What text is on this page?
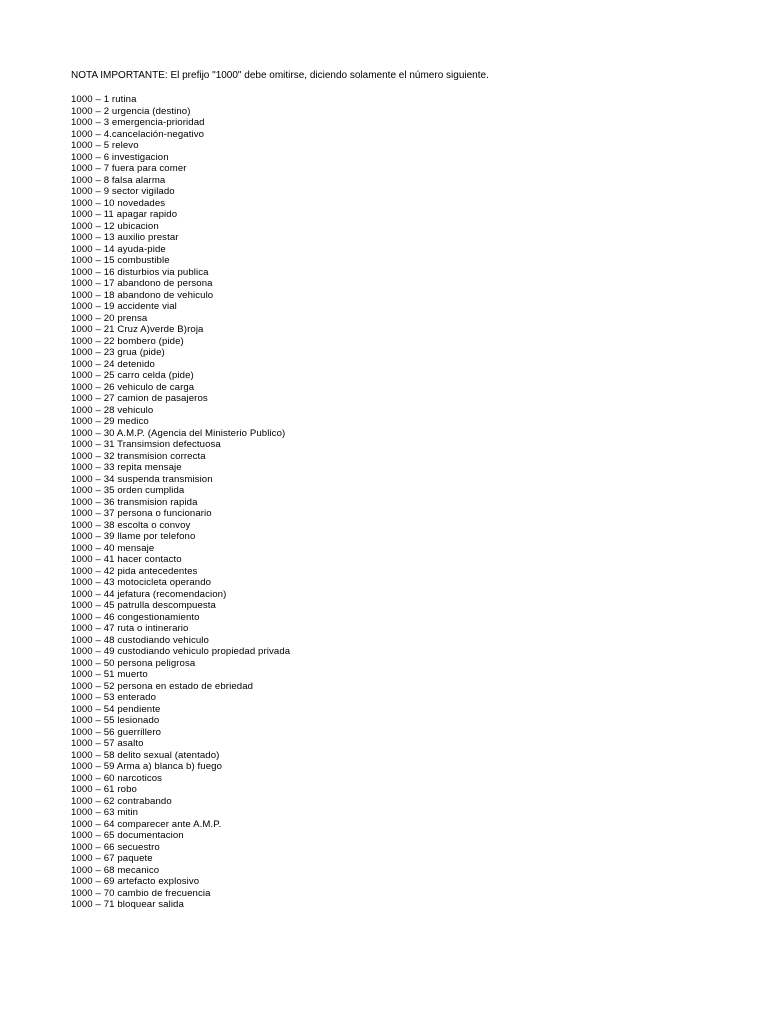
NOTA IMPORTANTE: El prefijo "1000" debe omitirse, diciendo solamente el número siguiente.

1000 – 1 rutina
1000 – 2 urgencia (destino)
1000 – 3 emergencia-prioridad
1000 – 4.cancelación-negativo
1000 – 5 relevo
1000 – 6 investigacion
1000 – 7 fuera para comer
1000 – 8 falsa alarma
1000 – 9 sector vigilado
1000 – 10 novedades
1000 – 11 apagar rapido
1000 – 12 ubicacion
1000 – 13 auxilio prestar
1000 – 14 ayuda-pide
1000 – 15 combustible
1000 – 16 disturbios via publica
1000 – 17 abandono de persona
1000 – 18 abandono de vehiculo
1000 – 19 accidente vial
1000 – 20 prensa
1000 – 21 Cruz A)verde B)roja
1000 – 22 bombero (pide)
1000 – 23 grua (pide)
1000 – 24 detenido
1000 – 25 carro celda (pide)
1000 – 26 vehiculo de carga
1000 – 27 camion de pasajeros
1000 – 28 vehiculo
1000 – 29 medico
1000 – 30 A.M.P. (Agencia del Ministerio Publico)
1000 – 31 Transimsion defectuosa
1000 – 32 transmision correcta
1000 – 33 repita mensaje
1000 – 34 suspenda transmision
1000 – 35 orden cumplida
1000 – 36 transmision rapida
1000 – 37 persona o funcionario
1000 – 38 escolta o convoy
1000 – 39 llame por telefono
1000 – 40 mensaje
1000 – 41 hacer contacto
1000 – 42 pida antecedentes
1000 – 43 motocicleta operando
1000 – 44 jefatura (recomendacion)
1000 – 45 patrulla descompuesta
1000 – 46 congestionamiento
1000 – 47 ruta o intinerario
1000 – 48 custodiando vehiculo
1000 – 49 custodiando vehiculo propiedad privada
1000 – 50 persona peligrosa
1000 – 51 muerto
1000 – 52 persona en estado de ebriedad
1000 – 53 enterado
1000 – 54 pendiente
1000 – 55 lesionado
1000 – 56 guerrillero
1000 – 57 asalto
1000 – 58 delito sexual (atentado)
1000 – 59 Arma a) blanca b) fuego
1000 – 60 narcoticos
1000 – 61 robo
1000 – 62 contrabando
1000 – 63 mitin
1000 – 64 comparecer ante A.M.P.
1000 – 65 documentacion
1000 – 66 secuestro
1000 – 67 paquete
1000 – 68 mecanico
1000 – 69 artefacto explosivo
1000 – 70 cambio de frecuencia
1000 – 71 bloquear salida
